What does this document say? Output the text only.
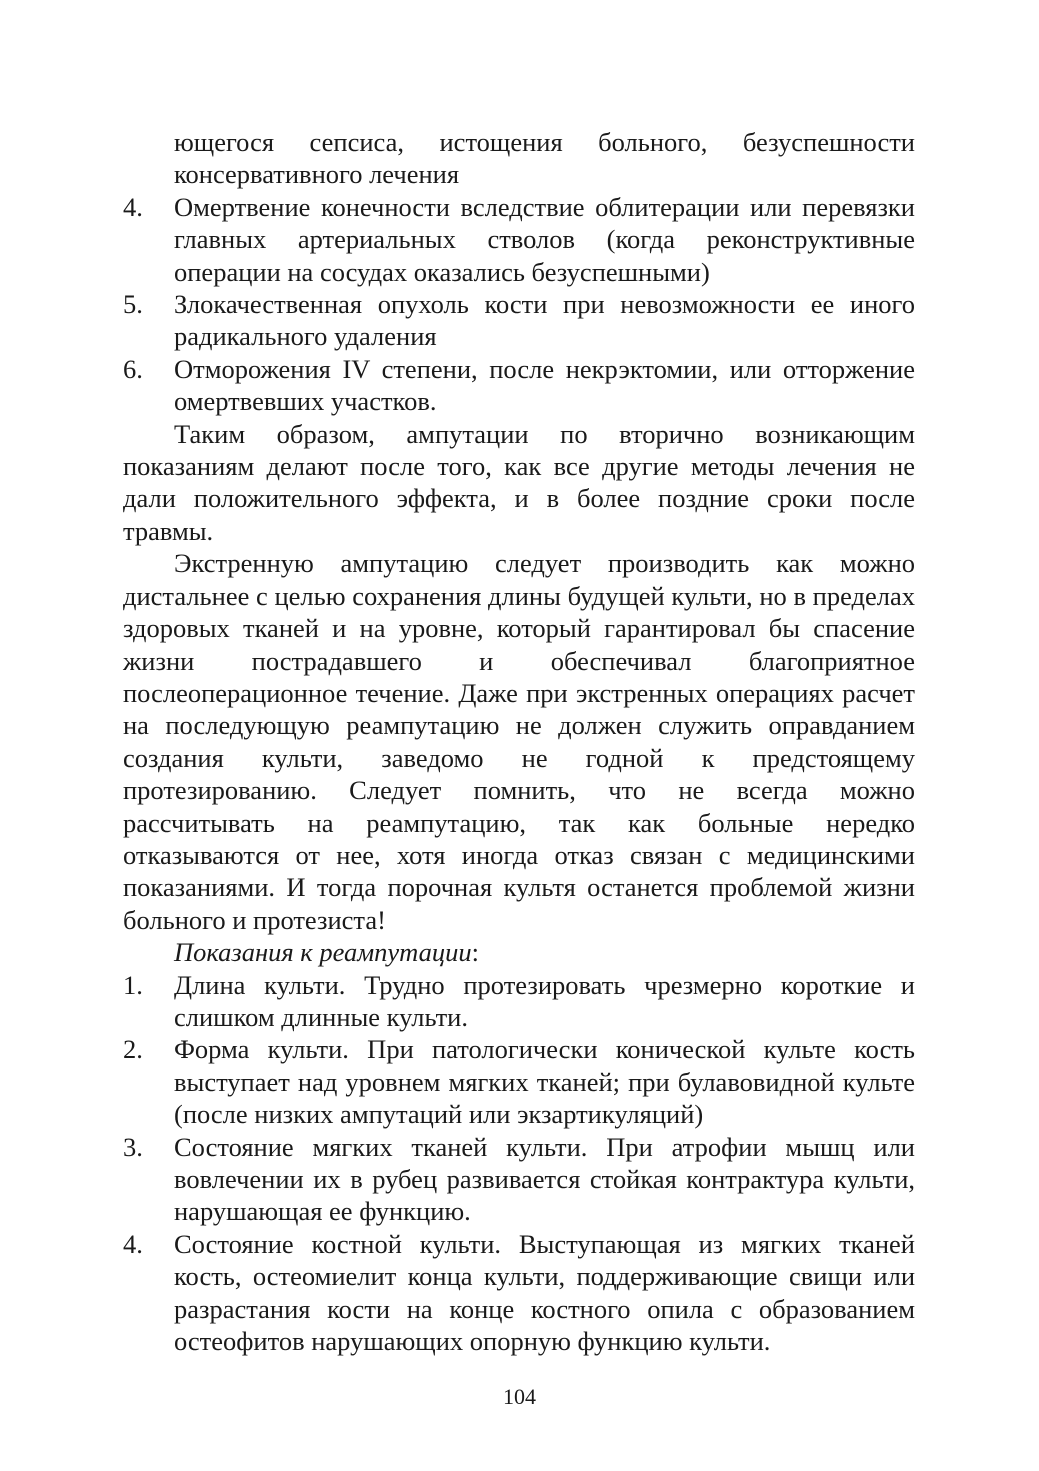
ющегося сепсиса, истощения больного, безуспешности консервативного лечения
4. Омертвение конечности вследствие облитерации или перевязки главных артериальных стволов (когда реконструктивные операции на сосудах оказались безуспешными)
5. Злокачественная опухоль кости при невозможности ее иного радикального удаления
6. Отморожения IV степени, после некрэктомии, или отторжение омертвевших участков.
Таким образом, ампутации по вторично возникающим показаниям делают после того, как все другие методы лечения не дали положительного эффекта, и в более поздние сроки после травмы.
Экстренную ампутацию следует производить как можно дистальнее с целью сохранения длины будущей культи, но в пределах здоровых тканей и на уровне, который гарантировал бы спасение жизни пострадавшего и обеспечивал благоприятное послеоперационное течение. Даже при экстренных операциях расчет на последующую реампутацию не должен служить оправданием создания культи, заведомо не годной к предстоящему протезированию. Следует помнить, что не всегда можно рассчитывать на реампутацию, так как больные нередко отказываются от нее, хотя иногда отказ связан с медицинскими показаниями. И тогда порочная культя останется проблемой жизни больного и протезиста!
Показания к реампутации:
1. Длина культи. Трудно протезировать чрезмерно короткие и слишком длинные культи.
2. Форма культи. При патологически конической культе кость выступает над уровнем мягких тканей; при булавовидной культе (после низких ампутаций или экзартикуляций)
3. Состояние мягких тканей культи. При атрофии мышц или вовлечении их в рубец развивается стойкая контрактура культи, нарушающая ее функцию.
4. Состояние костной культи. Выступающая из мягких тканей кость, остеомиелит конца культи, поддерживающие свищи или разрастания кости на конце костного опила с образованием остеофитов нарушающих опорную функцию культи.
104
